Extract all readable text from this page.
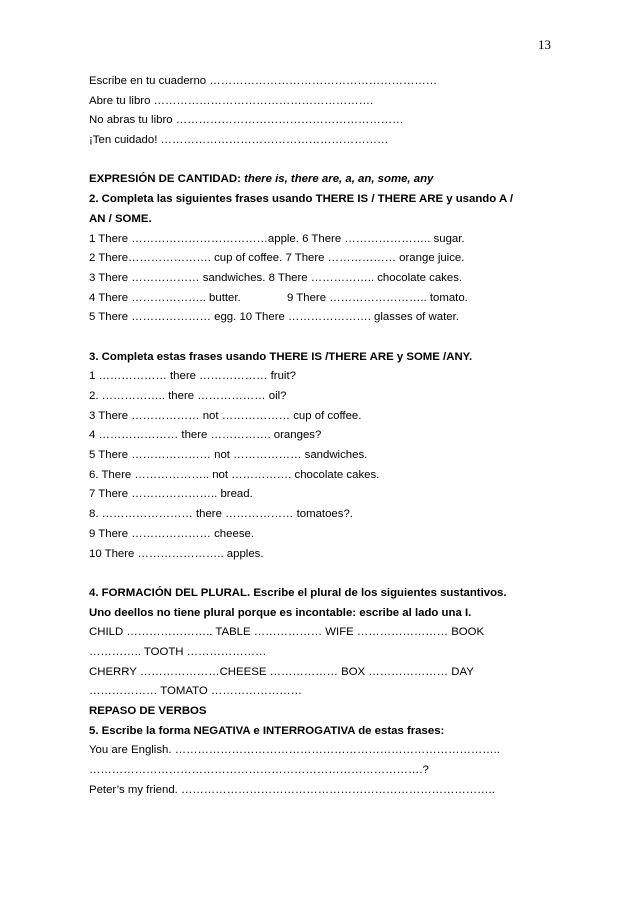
13
Escribe en tu cuaderno ……………………………………………………
Abre tu libro ………………………………………………….
No abras tu libro ……………………………………………………
¡Ten cuidado! ……………………………………………………
EXPRESIÓN DE CANTIDAD: there is, there are, a, an, some, any
2. Completa las siguientes frases usando THERE IS / THERE ARE y usando A /
AN / SOME.
1 There ………………………………apple. 6 There ………………….. sugar.
2 There…………………. cup of coffee. 7 There ……………… orange juice.
3 There ……………… sandwiches. 8 There …………….. chocolate cakes.
4 There ……………….. butter.	9 There …………………….. tomato.
5 There ………………… egg. 10 There …………………. glasses of water.
3. Completa estas frases usando THERE IS /THERE ARE y SOME /ANY.
1 ……………… there ……………… fruit?
2. …………….. there ……………… oil?
3 There ……………… not ……………… cup of coffee.
4 ………………… there ……………. oranges?
5 There ………………… not ……………… sandwiches.
6. There ……………….. not ……………. chocolate cakes.
7 There ………………….. bread.
8. …………………… there ……………… tomatoes?.
9 There ………………… cheese.
10 There ………………….. apples.
4. FORMACIÓN DEL PLURAL. Escribe el plural de los siguientes sustantivos.
Uno deellos no tiene plural porque es incontable: escribe al lado una I.
CHILD ………………….. TABLE ……………… WIFE …………………… BOOK
………….. TOOTH …………………
CHERRY …………………CHEESE ……………… BOX ………………… DAY
……………… TOMATO ……………………
REPASO DE VERBOS
5. Escribe la forma NEGATIVA e INTERROGATIVA de estas frases:
You are English. …………………………………………………………………………..
…………………………………………………………………………….?
Peter’s my friend. ………………………………………………………………………..
